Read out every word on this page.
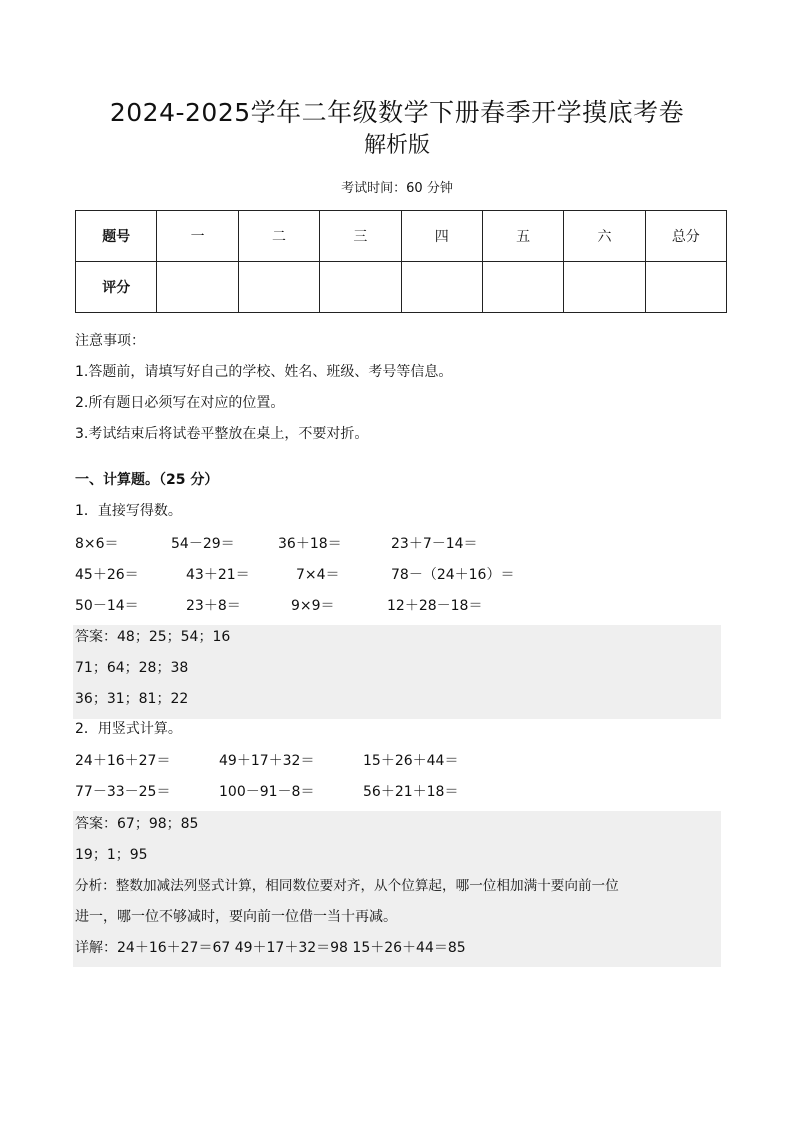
2024-2025学年二年级数学下册春季开学摸底考卷
解析版
考试时间：60 分钟
题号	一	二	三	四	五	六	总分
评分							
注意事项：
1.答题前，请填写好自己的学校、姓名、班级、考号等信息。
2.所有题日必须写在对应的位置。
3.考试结束后将试卷平整放在桌上，不要对折。
一、计算题。（25 分）
1．直接写得数。
8×6＝	54－29＝	36＋18＝	23＋7－14＝
45＋26＝	43＋21＝	7×4＝	78－（24＋16）＝
50－14＝	23＋8＝	9×9＝	12＋28－18＝
答案：48；25；54；16
71；64；28；38
36；31；81；22
2．用竖式计算。
24＋16＋27＝	49＋17＋32＝	15＋26＋44＝
77－33－25＝	100－91－8＝	56＋21＋18＝
答案：67；98；85
19；1；95
分析：整数加减法列竖式计算，相同数位要对齐，从个位算起，哪一位相加满十要向前一位
进一，哪一位不够减时，要向前一位借一当十再减。
详解：24＋16＋27＝67 49＋17＋32＝98 15＋26＋44＝85
